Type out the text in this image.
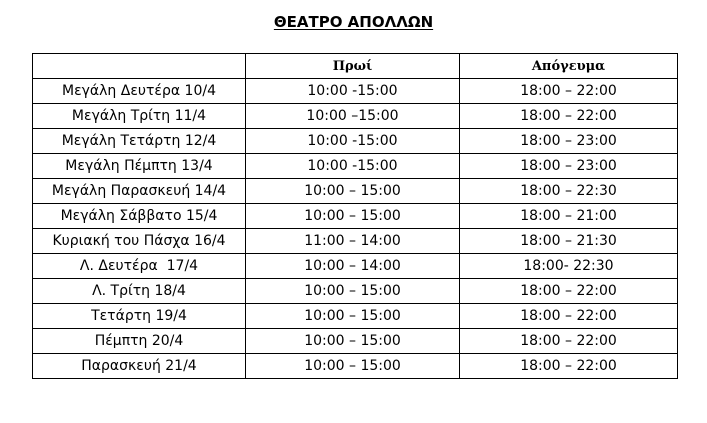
ΘΕΑΤΡΟ ΑΠΟΛΛΩΝ
	Πρωί	Απόγευμα
Μεγάλη Δευτέρα 10/4	10:00 -15:00	18:00 – 22:00
Μεγάλη Τρίτη 11/4	10:00 –15:00	18:00 – 22:00
Μεγάλη Τετάρτη 12/4	10:00 -15:00	18:00 – 23:00
Μεγάλη Πέμπτη 13/4	10:00 -15:00	18:00 – 23:00
Μεγάλη Παρασκευή 14/4	10:00 – 15:00	18:00 – 22:30
Μεγάλη Σάββατο 15/4	10:00 – 15:00	18:00 – 21:00
Κυριακή του Πάσχα 16/4	11:00 – 14:00	18:00 – 21:30
Λ. Δευτέρα  17/4	10:00 – 14:00	18:00- 22:30
Λ. Τρίτη 18/4	10:00 – 15:00	18:00 – 22:00
Τετάρτη 19/4	10:00 – 15:00	18:00 – 22:00
Πέμπτη 20/4	10:00 – 15:00	18:00 – 22:00
Παρασκευή 21/4	10:00 – 15:00	18:00 – 22:00
